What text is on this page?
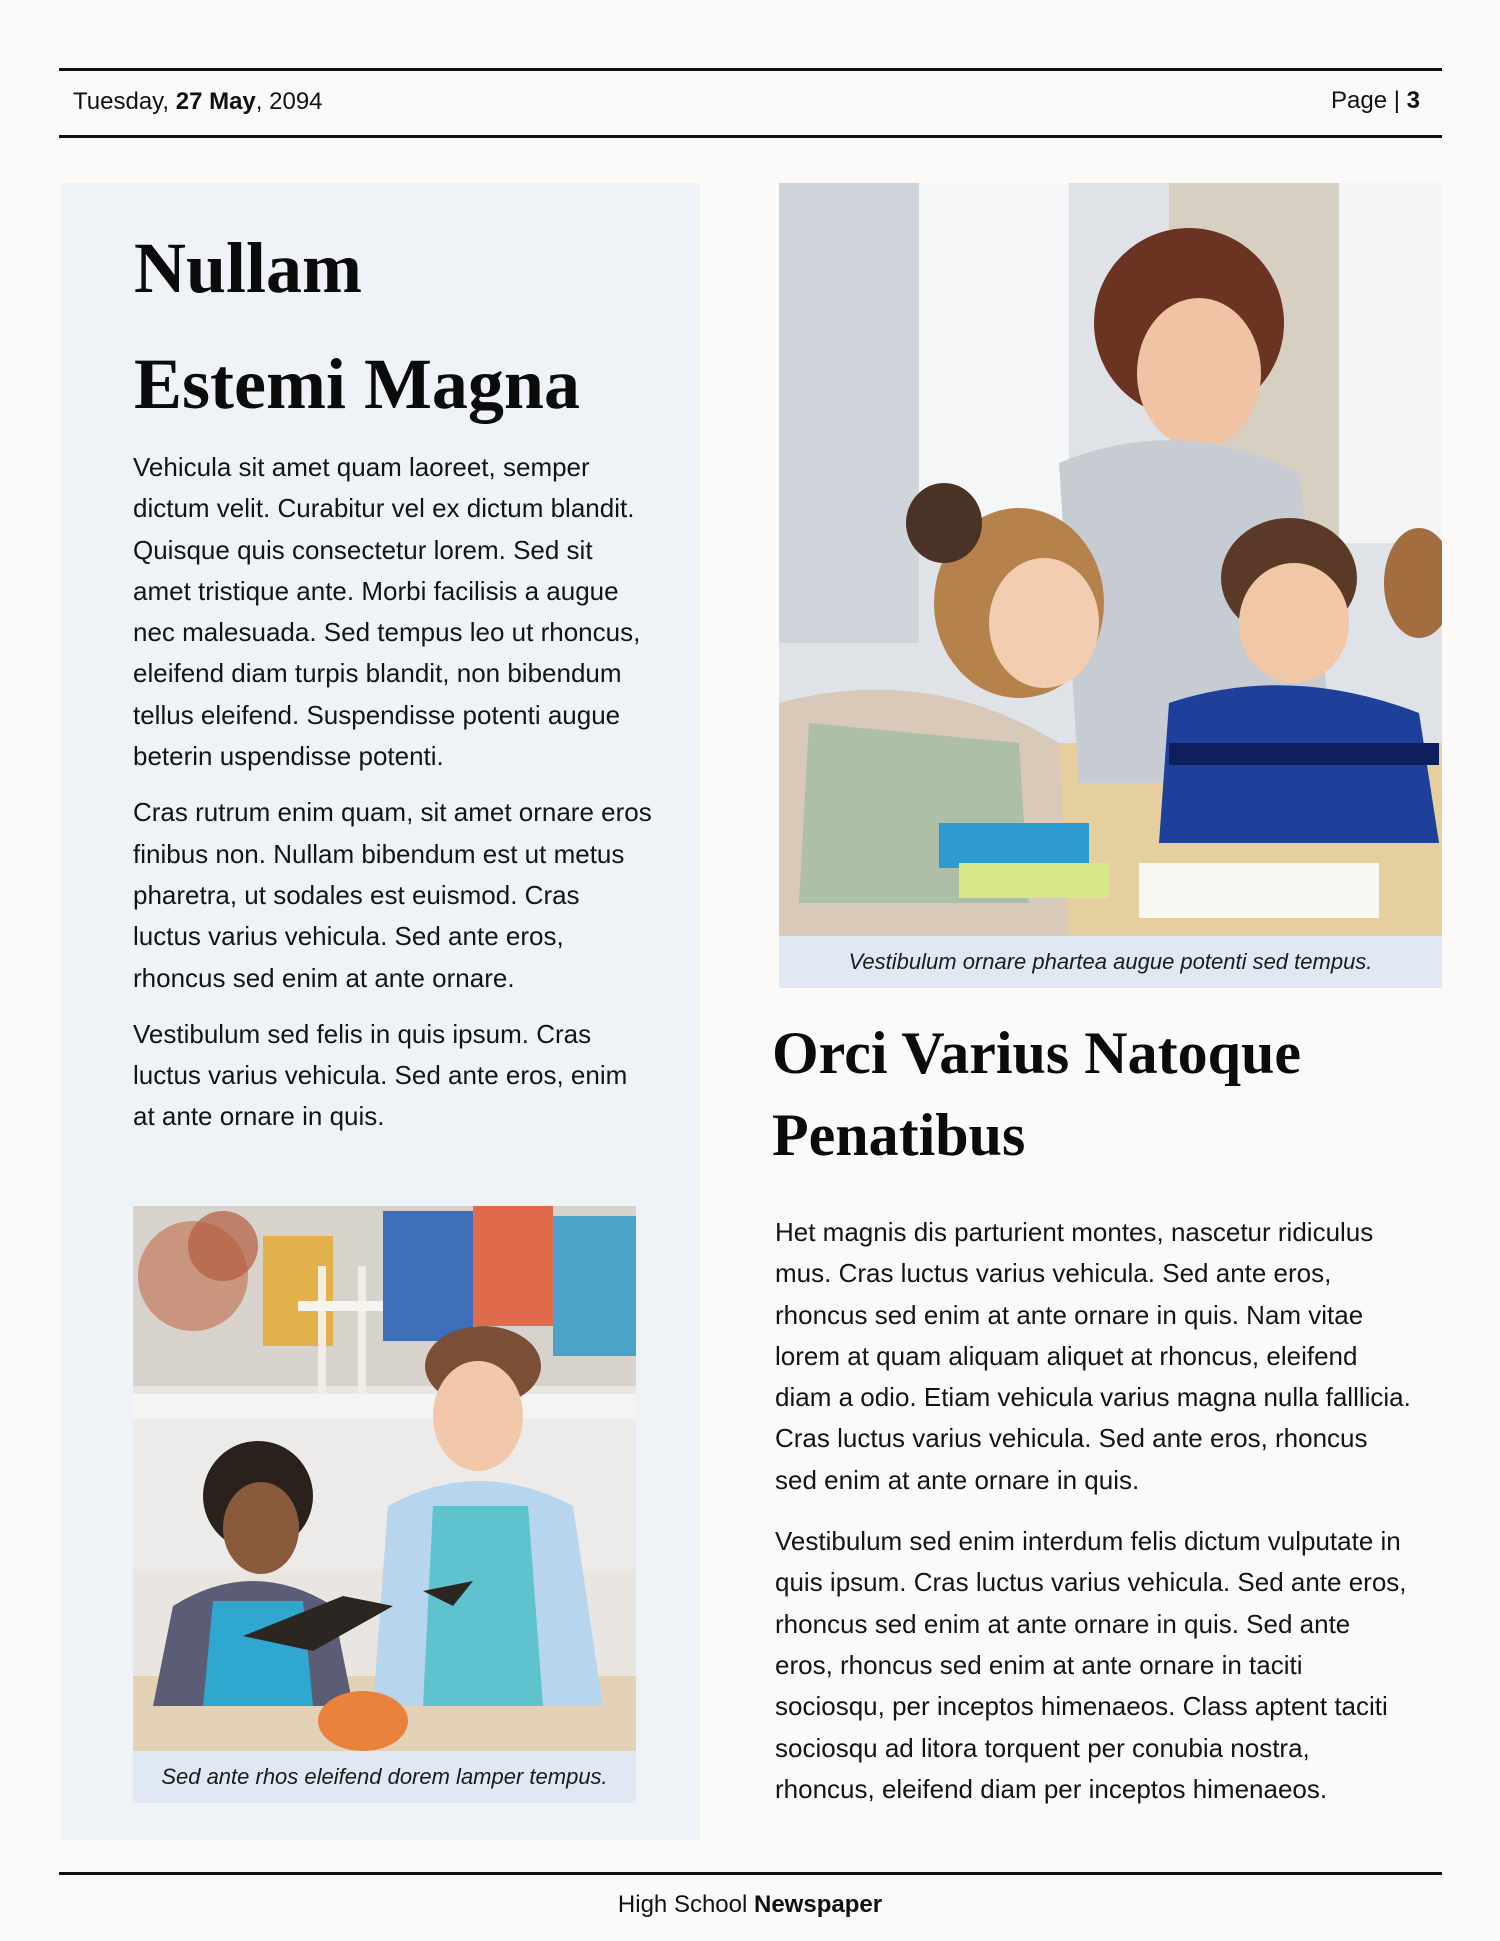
Tuesday, 27 May, 2094	Page | 3
Nullam
Estemi Magna

Vehicula sit amet quam laoreet, semper dictum velit. Curabitur vel ex dictum blandit. Quisque quis consectetur lorem. Sed sit amet tristique ante. Morbi facilisis a augue nec malesuada. Sed tempus leo ut rhoncus, eleifend diam turpis blandit, non bibendum tellus eleifend. Suspendisse potenti augue beterin uspendisse potenti.

Cras rutrum enim quam, sit amet ornare eros finibus non. Nullam bibendum est ut metus pharetra, ut sodales est euismod. Cras luctus varius vehicula. Sed ante eros, rhoncus sed enim at ante ornare.

Vestibulum sed felis in quis ipsum. Cras luctus varius vehicula. Sed ante eros, enim at ante ornare in quis.

Sed ante rhos eleifend dorem lamper tempus.
Vestibulum ornare phartea augue potenti sed tempus.
Orci Varius Natoque
Penatibus

Het magnis dis parturient montes, nascetur ridiculus mus. Cras luctus varius vehicula. Sed ante eros, rhoncus sed enim at ante ornare in quis. Nam vitae lorem at quam aliquam aliquet at rhoncus, eleifend diam a odio. Etiam vehicula varius magna nulla falllicia. Cras luctus varius vehicula. Sed ante eros, rhoncus sed enim at ante ornare in quis.

Vestibulum sed enim interdum felis dictum vulputate in quis ipsum. Cras luctus varius vehicula. Sed ante eros, rhoncus sed enim at ante ornare in quis. Sed ante eros, rhoncus sed enim at ante ornare in taciti sociosqu, per inceptos himenaeos. Class aptent taciti sociosqu ad litora torquent per conubia nostra, rhoncus, eleifend diam per inceptos himenaeos.

High School Newspaper
